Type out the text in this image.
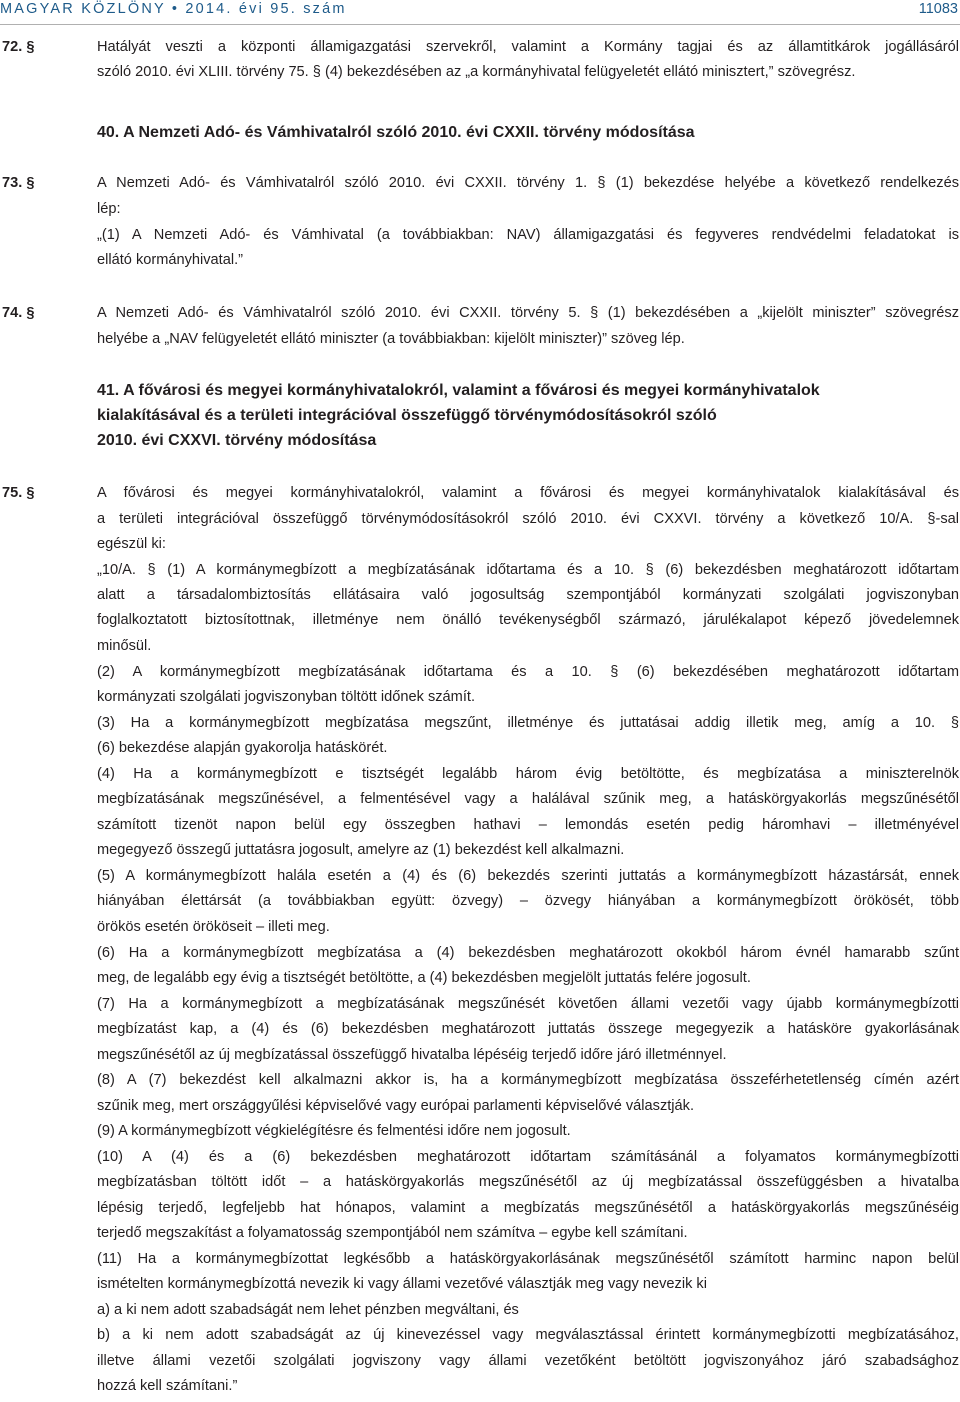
MAGYAR KÖZLÖNY • 2014. évi 95. szám	11083
72. §	Hatályát veszti a központi államigazgatási szervekről, valamint a Kormány tagjai és az államtitkárok jogállásáról
szóló 2010. évi XLIII. törvény 75. § (4) bekezdésében az „a kormányhivatal felügyeletét ellátó minisztert,” szövegrész.
40. A Nemzeti Adó- és Vámhivatalról szóló 2010. évi CXXII. törvény módosítása
73. §	A Nemzeti Adó- és Vámhivatalról szóló 2010. évi CXXII. törvény 1. § (1) bekezdése helyébe a következő rendelkezés
lép:
„(1) A Nemzeti Adó- és Vámhivatal (a továbbiakban: NAV) államigazgatási és fegyveres rendvédelmi feladatokat is
ellátó kormányhivatal.”
74. §	A Nemzeti Adó- és Vámhivatalról szóló 2010. évi CXXII. törvény 5. § (1) bekezdésében a „kijelölt miniszter” szövegrész
helyébe a „NAV felügyeletét ellátó miniszter (a továbbiakban: kijelölt miniszter)” szöveg lép.
41. A fővárosi és megyei kormányhivatalokról, valamint a fővárosi és megyei kormányhivatalok
kialakításával és a területi integrációval összefüggő törvénymódosításokról szóló
2010. évi CXXVI. törvény módosítása
75. §	A fővárosi és megyei kormányhivatalokról, valamint a fővárosi és megyei kormányhivatalok kialakításával és
a területi integrációval összefüggő törvénymódosításokról szóló 2010. évi CXXVI. törvény a következő 10/A. §-sal
egészül ki:
„10/A. § (1) A kormánymegbízott a megbízatásának időtartama és a 10. § (6) bekezdésben meghatározott időtartam
alatt a társadalombiztosítás ellátásaira való jogosultság szempontjából kormányzati szolgálati jogviszonyban
foglalkoztatott biztosítottnak, illetménye nem önálló tevékenységből származó, járulékalapot képező jövedelemnek
minősül.
(2) A kormánymegbízott megbízatásának időtartama és a 10. § (6) bekezdésében meghatározott időtartam
kormányzati szolgálati jogviszonyban töltött időnek számít.
(3) Ha a kormánymegbízott megbízatása megszűnt, illetménye és juttatásai addig illetik meg, amíg a 10. §
(6) bekezdése alapján gyakorolja hatáskörét.
(4) Ha a kormánymegbízott e tisztségét legalább három évig betöltötte, és megbízatása a miniszterelnök
megbízatásának megszűnésével, a felmentésével vagy a halálával szűnik meg, a hatáskörgyakorlás megszűnésétől
számított tizenöt napon belül egy összegben hathavi – lemondás esetén pedig háromhavi – illetményével
megegyező összegű juttatásra jogosult, amelyre az (1) bekezdést kell alkalmazni.
(5) A kormánymegbízott halála esetén a (4) és (6) bekezdés szerinti juttatás a kormánymegbízott házastársát, ennek
hiányában élettársát (a továbbiakban együtt: özvegy) – özvegy hiányában a kormánymegbízott örökösét, több
örökös esetén örököseit – illeti meg.
(6) Ha a kormánymegbízott megbízatása a (4) bekezdésben meghatározott okokból három évnél hamarabb szűnt
meg, de legalább egy évig a tisztségét betöltötte, a (4) bekezdésben megjelölt juttatás felére jogosult.
(7) Ha a kormánymegbízott a megbízatásának megszűnését követően állami vezetői vagy újabb kormánymegbízotti
megbízatást kap, a (4) és (6) bekezdésben meghatározott juttatás összege megegyezik a hatásköre gyakorlásának
megszűnésétől az új megbízatással összefüggő hivatalba lépéséig terjedő időre járó illetménnyel.
(8) A (7) bekezdést kell alkalmazni akkor is, ha a kormánymegbízott megbízatása összeférhetetlenség címén azért
szűnik meg, mert országgyűlési képviselővé vagy európai parlamenti képviselővé választják.
(9) A kormánymegbízott végkielégítésre és felmentési időre nem jogosult.
(10) A (4) és a (6) bekezdésben meghatározott időtartam számításánál a folyamatos kormánymegbízotti
megbízatásban töltött időt – a hatáskörgyakorlás megszűnésétől az új megbízatással összefüggésben a hivatalba
lépésig terjedő, legfeljebb hat hónapos, valamint a megbízatás megszűnésétől a hatáskörgyakorlás megszűnéséig
terjedő megszakítást a folyamatosság szempontjából nem számítva – egybe kell számítani.
(11) Ha a kormánymegbízottat legkésőbb a hatáskörgyakorlásának megszűnésétől számított harminc napon belül
ismételten kormánymegbízottá nevezik ki vagy állami vezetővé választják meg vagy nevezik ki
a) a ki nem adott szabadságát nem lehet pénzben megváltani, és
b) a ki nem adott szabadságát az új kinevezéssel vagy megválasztással érintett kormánymegbízotti megbízatásához,
illetve állami vezetői szolgálati jogviszony vagy állami vezetőként betöltött jogviszonyához járó szabadsághoz
hozzá kell számítani.”
